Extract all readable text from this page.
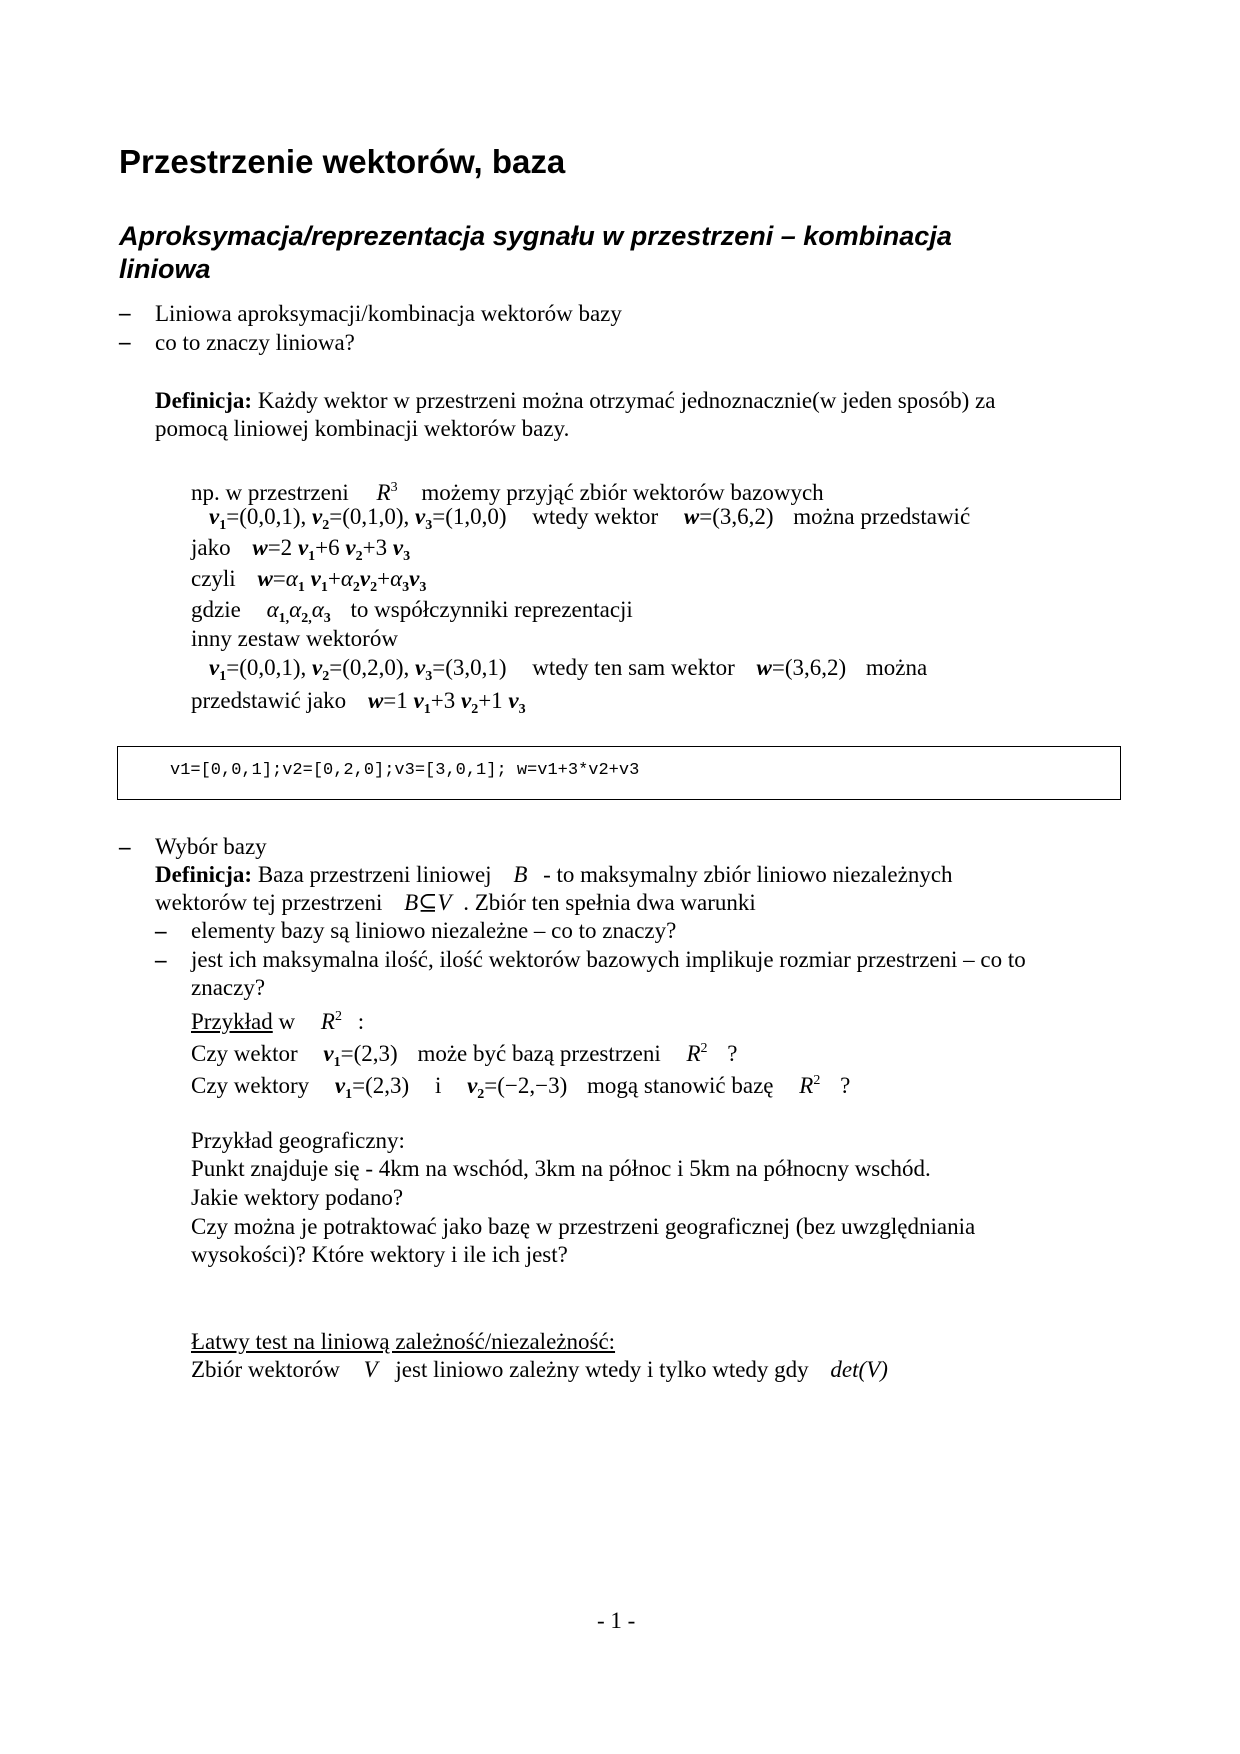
Przestrzenie wektorów, baza
Aproksymacja/reprezentacja sygnału w przestrzeni – kombinacja
liniowa
– Liniowa aproksymacji/kombinacja wektorów bazy
– co to znaczy liniowa?
Definicja: Każdy wektor w przestrzeni można otrzymać jednoznacznie(w jeden sposób) za
pomocą liniowej kombinacji wektorów bazy.
np. w przestrzeni $R^3$ możemy przyjąć zbiór wektorów bazowych
$v_1=(0,0,1)$, $v_2=(0,1,0)$, $v_3=(1,0,0)$ wtedy wektor w=(3,6,2) można przedstawić
jako w=2 $v_1+6$ $v_2+3$ $v_3$
czyli $w=\alpha_1$ $v_1+\alpha_2v_2+\alpha_3v_3$
gdzie $\alpha_{1,}\alpha_{2,}\alpha_3$ to współczynniki reprezentacji
inny zestaw wektorów
$v_1=(0,0,1)$, $v_2=(0,2,0)$, $v_3=(3,0,1)$ wtedy ten sam wektor w=(3,6,2) można
przedstawić jako w=1 $v_1+3$ $v_2+1$ $v_3$
v1=[0,0,1];v2=[0,2,0];v3=[3,0,1]; w=v1+3*v2+v3
– Wybór bazy
Definicja: Baza przestrzeni liniowej B - to maksymalny zbiór liniowo niezależnych
wektorów tej przestrzeni B⊆V . Zbiór ten spełnia dwa warunki
– elementy bazy są liniowo niezależne – co to znaczy?
– jest ich maksymalna ilość, ilość wektorów bazowych implikuje rozmiar przestrzeni – co to
znaczy?
Przykład w $R^2$ :
Czy wektor $v_1=(2,3)$ może być bazą przestrzeni $R^2$ ?
Czy wektory $v_1=(2,3)$ i $v_2=(-2,-3)$ mogą stanowić bazę $R^2$ ?
Przykład geograficzny:
Punkt znajduje się - 4km na wschód, 3km na północ i 5km na północny wschód.
Jakie wektory podano?
Czy można je potraktować jako bazę w przestrzeni geograficznej (bez uwzględniania
wysokości)? Które wektory i ile ich jest?
Łatwy test na liniową zależność/niezależność:
Zbiór wektorów V jest liniowo zależny wtedy i tylko wtedy gdy det(V)
- 1 -
